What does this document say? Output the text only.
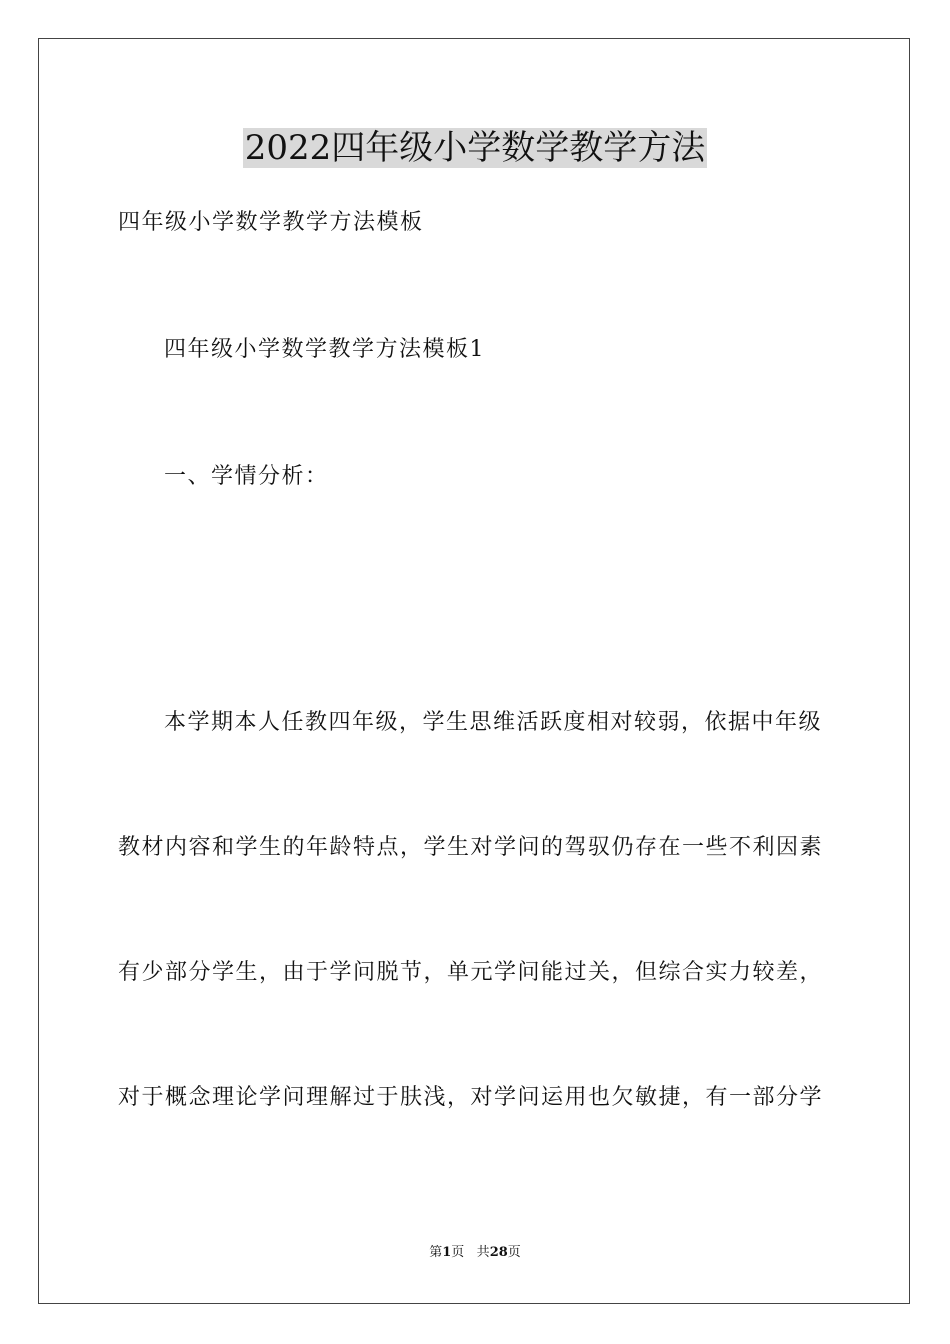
2022四年级小学数学教学方法
四年级小学数学教学方法模板
四年级小学数学教学方法模板1
一、学情分析：
本学期本人任教四年级，学生思维活跃度相对较弱，依据中年级
教材内容和学生的年龄特点，学生对学问的驾驭仍存在一些不利因素
有少部分学生，由于学问脱节，单元学问能过关，但综合实力较差，
对于概念理论学问理解过于肤浅，对学问运用也欠敏捷，有一部分学
第1页 共28页
